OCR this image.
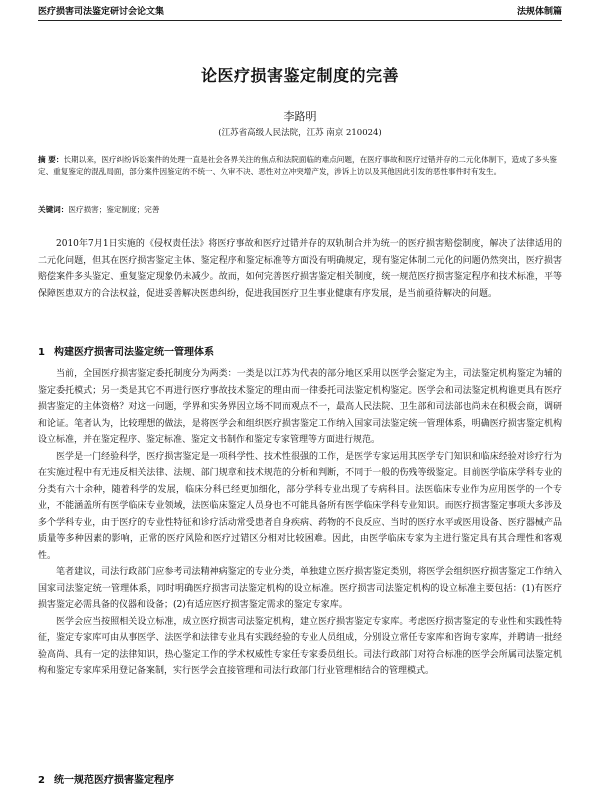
医疗损害司法鉴定研讨会论文集	法规体制篇
论医疗损害鉴定制度的完善
李路明
(江苏省高级人民法院，江苏 南京 210024)
摘 要：长期以来，医疗纠纷诉讼案件的处理一直是社会各界关注的焦点和法院面临的难点问题，在医疗事故和医疗过错并存的二元化体制下，造成了多头鉴定、重复鉴定的混乱局面，部分案件因鉴定的不统一、久审不决、恶性对立冲突增产发，涉诉上访以及其他因此引发的恶性事件时有发生。
关键词：医疗损害；鉴定制度；完善

2010年7月1日实施的《侵权责任法》将医疗事故和医疗过错并存的双轨制合并为统一的医疗损害赔偿制度，解决了法律适用的二元化问题，但其在医疗损害鉴定主体、鉴定程序和鉴定标准等方面没有明确规定，现有鉴定体制二元化的问题仍然突出，医疗损害赔偿案件多头鉴定、重复鉴定现象仍未减少。故而，如何完善医疗损害鉴定相关制度，统一规范医疗损害鉴定程序和技术标准，平等保障医患双方的合法权益，促进妥善解决医患纠纷，促进我国医疗卫生事业健康有序发展，是当前亟待解决的问题。

1 构建医疗损害司法鉴定统一管理体系

当前，全国医疗损害鉴定委托制度分为两类：一类是以江苏为代表的部分地区采用以医学会鉴定为主，司法鉴定机构鉴定为辅的鉴定委托模式；另一类是其它不再进行医疗事故技术鉴定的理由而一律委托司法鉴定机构鉴定。医学会和司法鉴定机构谁更具有医疗损害鉴定的主体资格？对这一问题，学界和实务界因立场不同而观点不一，最高人民法院、卫生部和司法部也尚未在积极会商，调研和论证。笔者认为，比较理想的做法，是将医学会和组织医疗损害鉴定工作纳入国家司法鉴定统一管理体系，明确医疗损害鉴定机构设立标准，并在鉴定程序、鉴定标准、鉴定文书制作和鉴定专家管理等方面进行规范。

医学是一门经验科学，医疗损害鉴定是一项科学性、技术性很强的工作，是医学专家运用其医学专门知识和临床经验对诊疗行为在实施过程中有无违反相关法律、法规、部门规章和技术规范的分析和判断，不同于一般的伤残等级鉴定。目前医学临床学科专业的分类有六十余种，随着科学的发展，临床分科已经更加细化，部分学科专业出现了专病科目。法医临床专业作为应用医学的一个专业，不能涵盖所有医学临床专业领域，法医临床鉴定人员身也不可能具备所有医学临床学科专业知识。而医疗损害鉴定事项大多涉及多个学科专业，由于医疗的专业性特征和诊疗活动常受患者自身疾病、药物的不良反应、当时的医疗水平或医用设备、医疗器械产品质量等多种因素的影响，正常的医疗风险和医疗过错区分相对比较困难。因此，由医学临床专家为主进行鉴定具有其合理性和客观性。

笔者建议，司法行政部门应参考司法精神病鉴定的专业分类，单独建立医疗损害鉴定类别，将医学会组织医疗损害鉴定工作纳入国家司法鉴定统一管理体系，同时明确医疗损害司法鉴定机构的设立标准。医疗损害司法鉴定机构的设立标准主要包括：(1)有医疗损害鉴定必需具备的仪器和设备；(2)有适应医疗损害鉴定需求的鉴定专家库。

医学会应当按照相关设立标准，成立医疗损害司法鉴定机构，建立医疗损害鉴定专家库。考虑医疗损害鉴定的专业性和实践性特征，鉴定专家库可由从事医学、法医学和法律专业具有实践经验的专业人员组成，分别设立常任专家库和咨询专家库，并聘请一批经验高尚、具有一定的法律知识，热心鉴定工作的学术权威性专家任专家委员组长。司法行政部门对符合标准的医学会所属司法鉴定机构和鉴定专家库采用登记备案制，实行医学会直接管理和司法行政部门行业管理相结合的管理模式。

2 统一规范医疗损害鉴定程序
